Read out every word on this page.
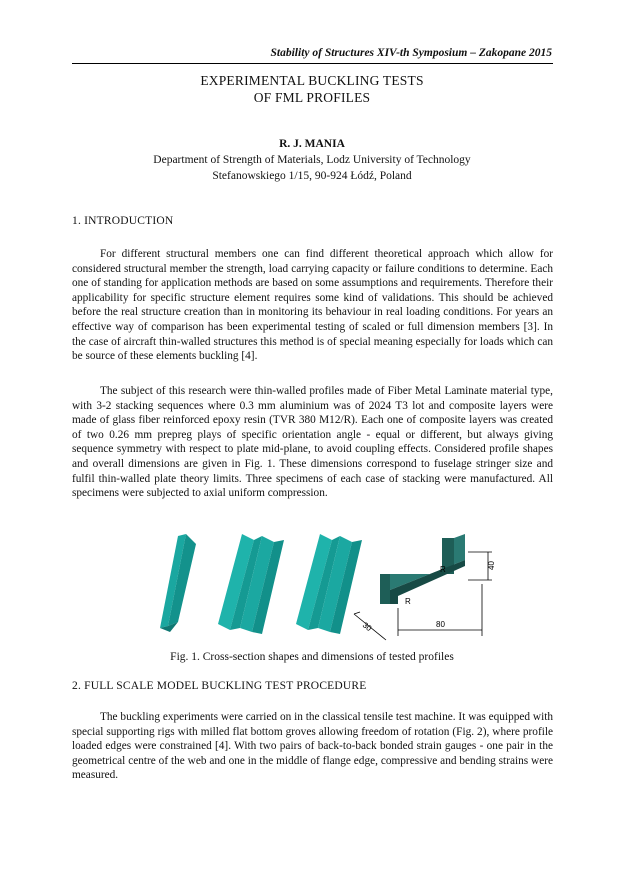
Stability of Structures XIV-th Symposium – Zakopane 2015
EXPERIMENTAL BUCKLING TESTS
OF FML PROFILES
R. J. MANIA
Department of Strength of Materials, Lodz University of Technology
Stefanowskiego 1/15, 90-924 Łódź, Poland
1. INTRODUCTION

For different structural members one can find different theoretical approach which allow for considered structural member the strength, load carrying capacity or failure conditions to determine. Each one of standing for application methods are based on some assumptions and requirements. Therefore their applicability for specific structure element requires some kind of validations. This should be achieved before the real structure creation than in monitoring its behaviour in real loading conditions. For years an effective way of comparison has been experimental testing of scaled or full dimension members [3]. In the case of aircraft thin-walled structures this method is of special meaning especially for loads which can be source of these elements buckling [4].

The subject of this research were thin-walled profiles made of Fiber Metal Laminate material type, with 3-2 stacking sequences where 0.3 mm aluminium was of 2024 T3 lot and composite layers were made of glass fiber reinforced epoxy resin (TVR 380 M12/R). Each one of composite layers was created of two 0.26 mm prepreg plays of specific orientation angle - equal or different, but always giving sequence symmetry with respect to plate mid-plane, to avoid coupling effects. Considered profile shapes and overall dimensions are given in Fig. 1. These dimensions correspond to fuselage stringer size and fulfil thin-walled plate theory limits. Three specimens of each case of stacking were manufactured. All specimens were subjected to axial uniform compression.

40
80
30
R
R
Fig. 1. Cross-section shapes and dimensions of tested profiles
2. FULL SCALE MODEL BUCKLING TEST PROCEDURE

The buckling experiments were carried on in the classical tensile test machine. It was equipped with special supporting rigs with milled flat bottom groves allowing freedom of rotation (Fig. 2), where profile loaded edges were constrained [4]. With two pairs of back-to-back bonded strain gauges - one pair in the geometrical centre of the web and one in the middle of flange edge, compressive and bending strains were measured.
